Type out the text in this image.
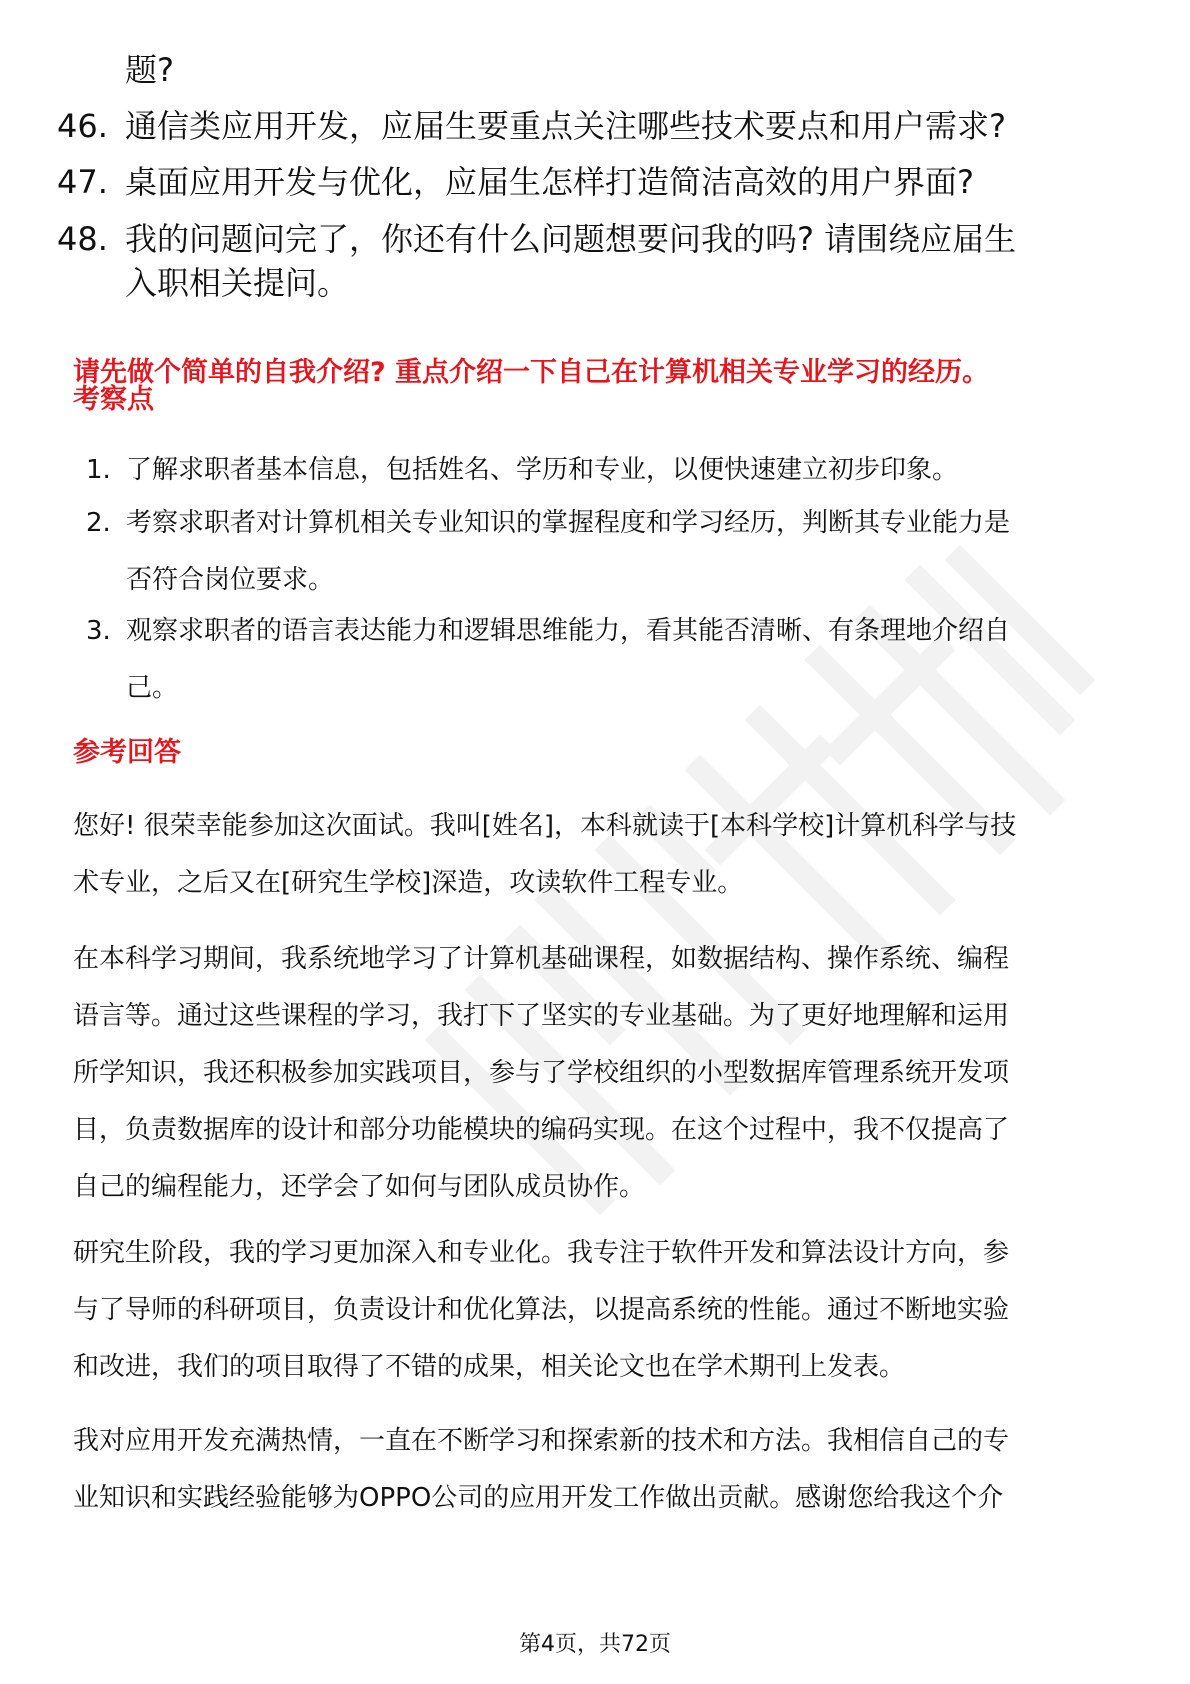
题?
46. 通信类应用开发，应届生要重点关注哪些技术要点和用户需求?
47. 桌面应用开发与优化，应届生怎样打造简洁高效的用户界面?
48. 我的问题问完了，你还有什么问题想要问我的吗? 请围绕应届生
入职相关提问。
请先做个简单的自我介绍? 重点介绍一下自己在计算机相关专业学习的经历。
考察点
1. 了解求职者基本信息，包括姓名、学历和专业，以便快速建立初步印象。
2. 考察求职者对计算机相关专业知识的掌握程度和学习经历，判断其专业能力是
否符合岗位要求。
3. 观察求职者的语言表达能力和逻辑思维能力，看其能否清晰、有条理地介绍自
己。
参考回答
您好! 很荣幸能参加这次面试。我叫[姓名]，本科就读于[本科学校]计算机科学与技
术专业，之后又在[研究生学校]深造，攻读软件工程专业。
在本科学习期间，我系统地学习了计算机基础课程，如数据结构、操作系统、编程
语言等。通过这些课程的学习，我打下了坚实的专业基础。为了更好地理解和运用
所学知识，我还积极参加实践项目，参与了学校组织的小型数据库管理系统开发项
目，负责数据库的设计和部分功能模块的编码实现。在这个过程中，我不仅提高了
自己的编程能力，还学会了如何与团队成员协作。
研究生阶段，我的学习更加深入和专业化。我专注于软件开发和算法设计方向，参
与了导师的科研项目，负责设计和优化算法，以提高系统的性能。通过不断地实验
和改进，我们的项目取得了不错的成果，相关论文也在学术期刊上发表。
我对应用开发充满热情，一直在不断学习和探索新的技术和方法。我相信自己的专
业知识和实践经验能够为OPPO公司的应用开发工作做出贡献。感谢您给我这个介
第4页，共72页
